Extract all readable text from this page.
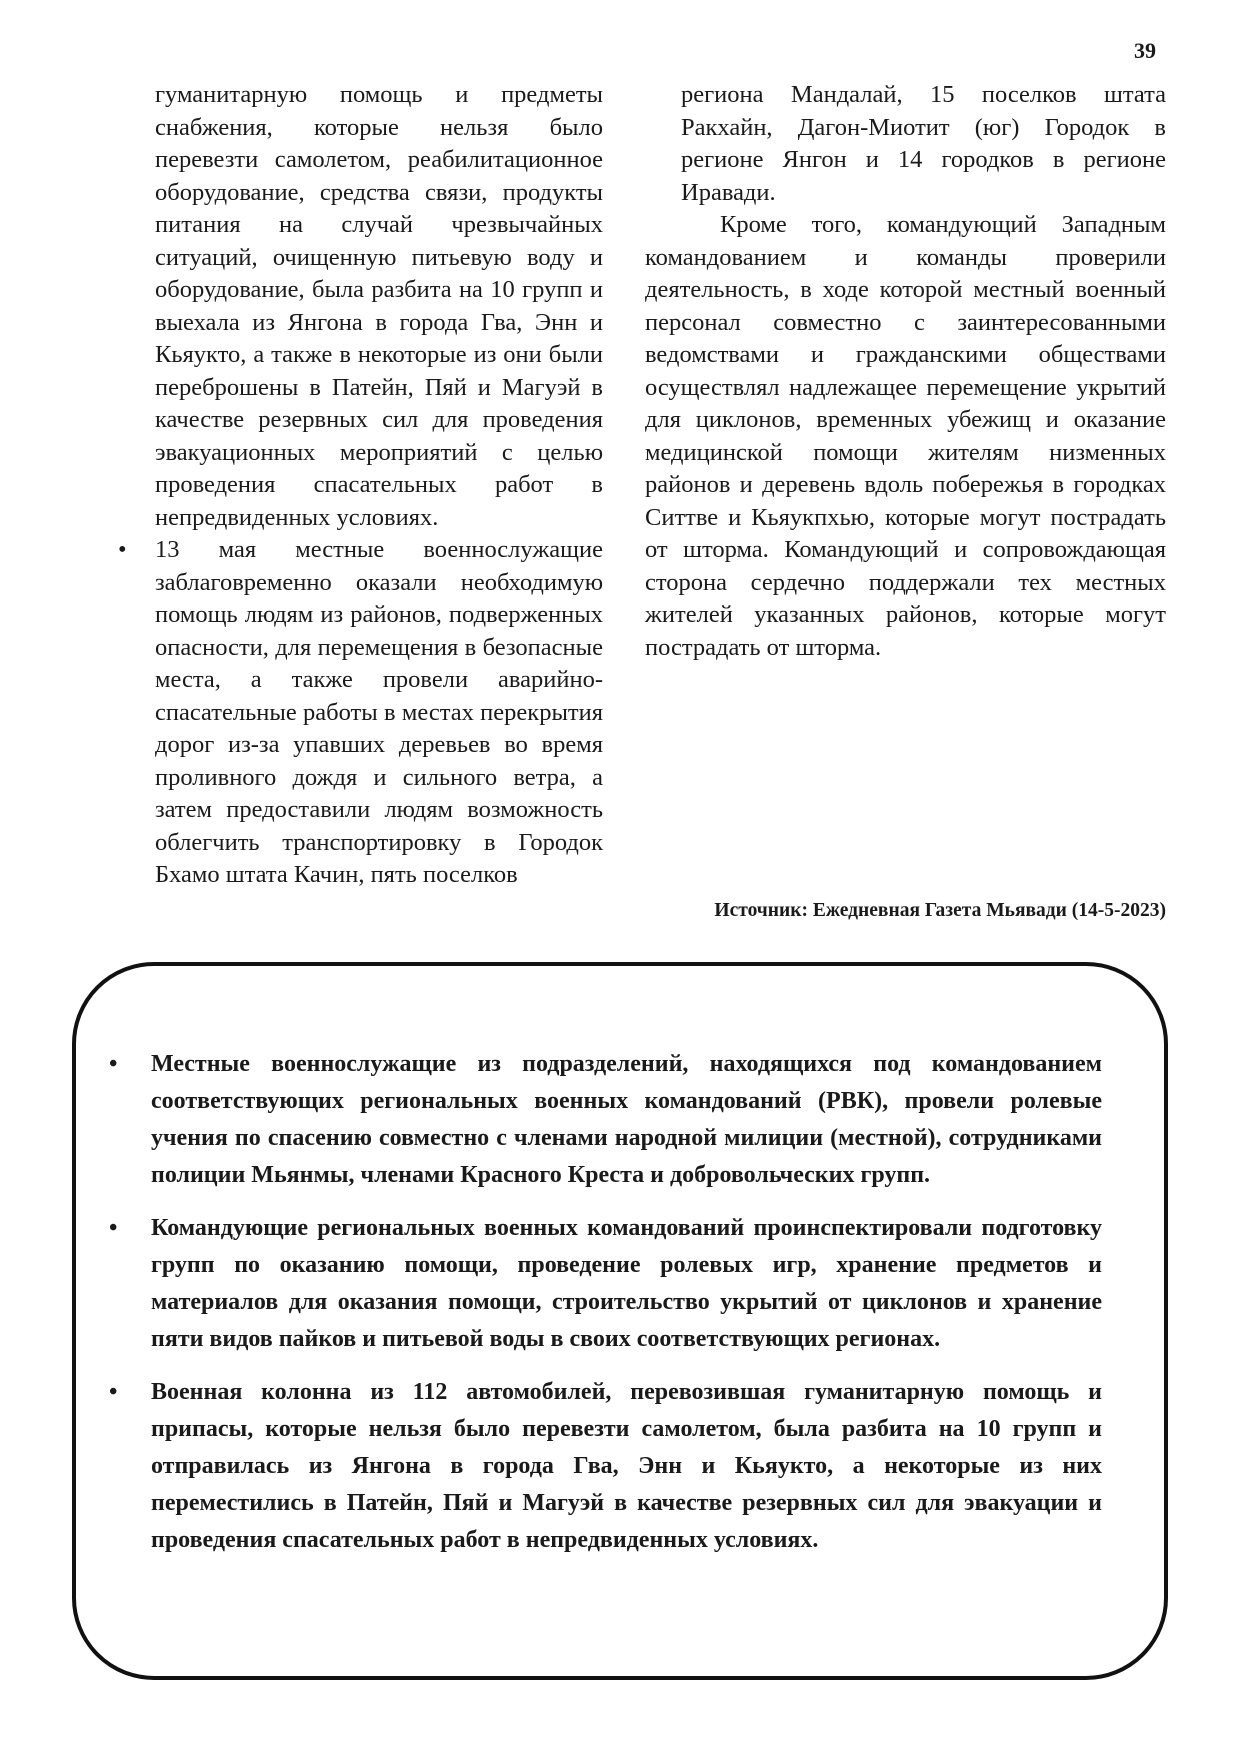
39

гуманитарную помощь и предметы снабжения, которые нельзя было перевезти самолетом, реабилитационное оборудование, средства связи, продукты питания на случай чрезвычайных ситуаций, очищенную питьевую воду и оборудование, была разбита на 10 групп и выехала из Янгона в города Гва, Энн и Кьяукто, а также в некоторые из они были переброшены в Патейн, Пяй и Магуэй в качестве резервных сил для проведения эвакуационных мероприятий с целью проведения спасательных работ в непредвиденных условиях.

• 13 мая местные военнослужащие заблаговременно оказали необходимую помощь людям из районов, подверженных опасности, для перемещения в безопасные места, а также провели аварийно-спасательные работы в местах перекрытия дорог из-за упавших деревьев во время проливного дождя и сильного ветра, а затем предоставили людям возможность облегчить транспортировку в Городок Бхамо штата Качин, пять поселков

региона Мандалай, 15 поселков штата Ракхайн, Дагон-Миотит (юг) Городок в регионе Янгон и 14 городков в регионе Иравади.

Кроме того, командующий Западным командованием и команды проверили деятельность, в ходе которой местный военный персонал совместно с заинтересованными ведомствами и гражданскими обществами осуществлял надлежащее перемещение укрытий для циклонов, временных убежищ и оказание медицинской помощи жителям низменных районов и деревень вдоль побережья в городках Ситтве и Кьяукпхью, которые могут пострадать от шторма. Командующий и сопровождающая сторона сердечно поддержали тех местных жителей указанных районов, которые могут пострадать от шторма.

Источник: Ежедневная Газета Мьявади (14-5-2023)
• Местные военнослужащие из подразделений, находящихся под командованием соответствующих региональных военных командований (РВК), провели ролевые учения по спасению совместно с членами народной милиции (местной), сотрудниками полиции Мьянмы, членами Красного Креста и добровольческих групп.
• Командующие региональных военных командований проинспектировали подготовку групп по оказанию помощи, проведение ролевых игр, хранение предметов и материалов для оказания помощи, строительство укрытий от циклонов и хранение пяти видов пайков и питьевой воды в своих соответствующих регионах.
• Военная колонна из 112 автомобилей, перевозившая гуманитарную помощь и припасы, которые нельзя было перевезти самолетом, была разбита на 10 групп и отправилась из Янгона в города Гва, Энн и Кьяукто, а некоторые из них переместились в Патейн, Пяй и Магуэй в качестве резервных сил для эвакуации и проведения спасательных работ в непредвиденных условиях.
